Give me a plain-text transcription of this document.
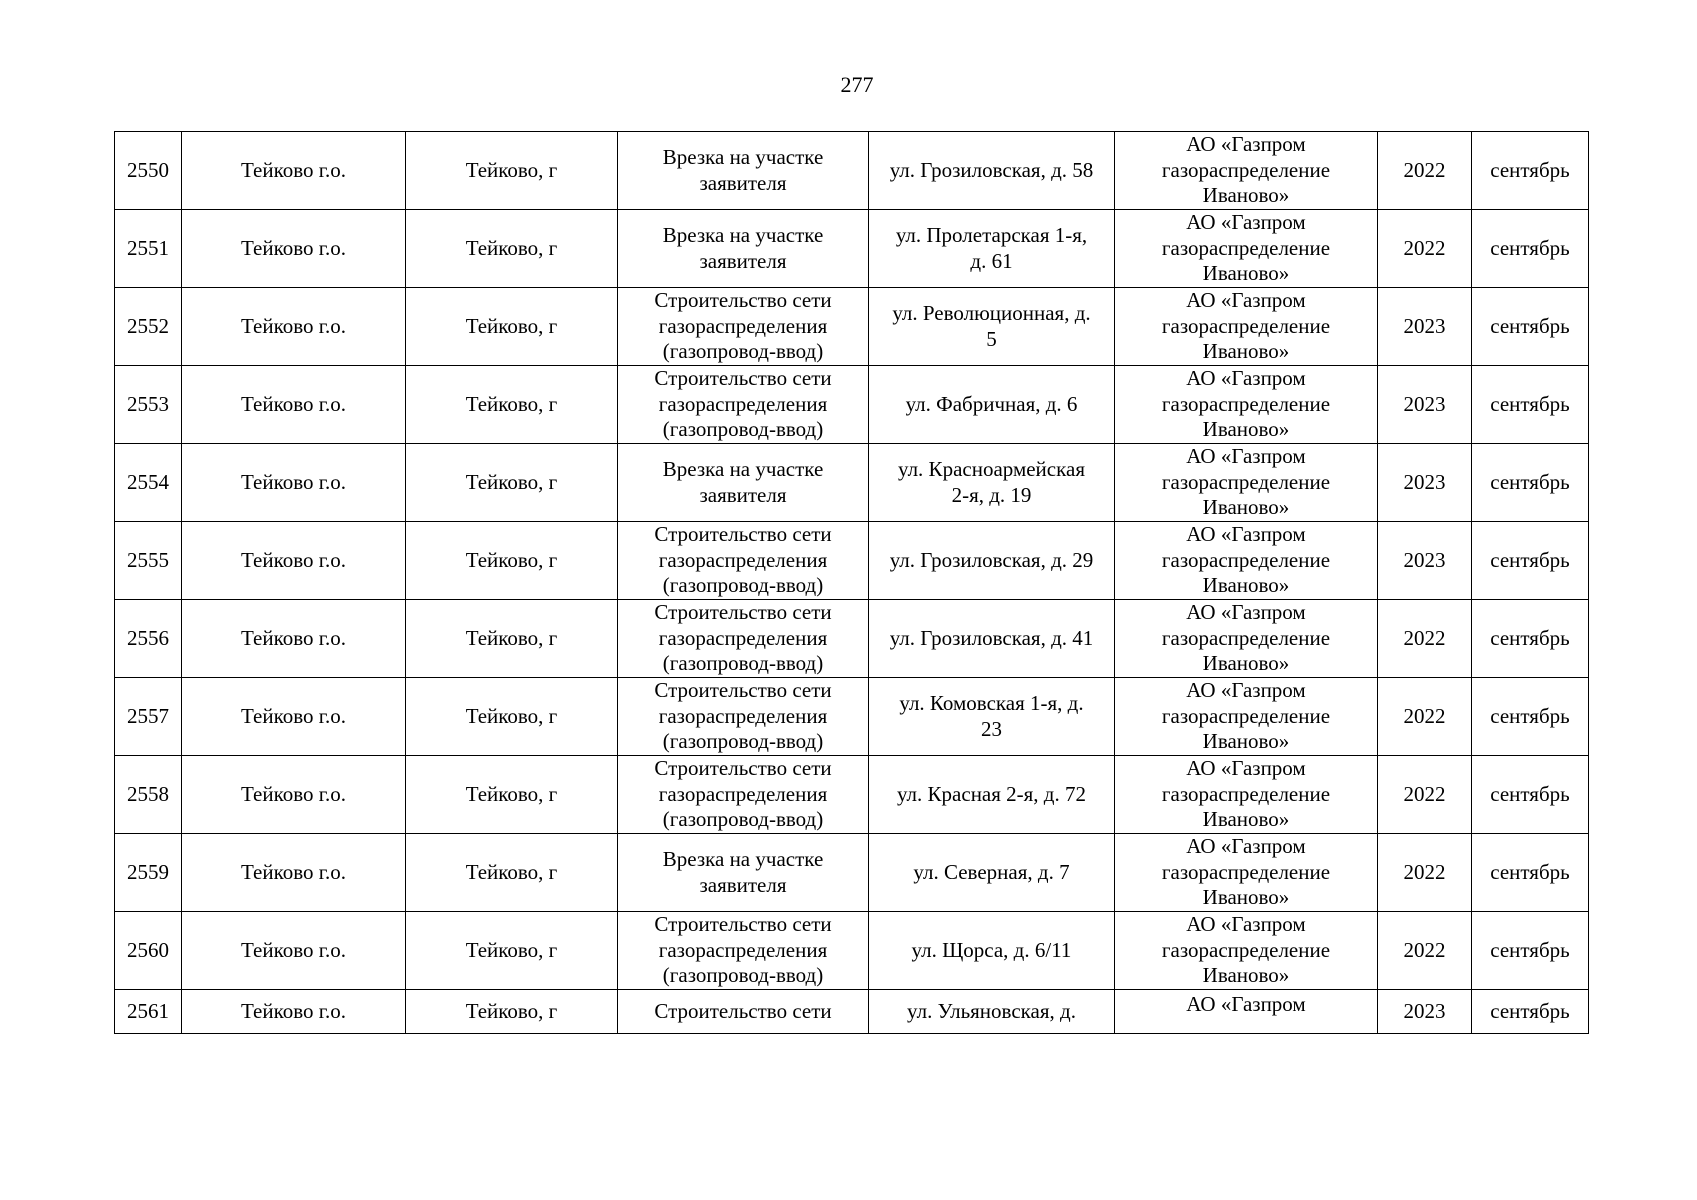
277
2550	Тейково г.о.	Тейково, г	Врезка на участке
заявителя	ул. Грозиловская, д. 58	АО «Газпром
газораспределение
Иваново»	2022	сентябрь
2551	Тейково г.о.	Тейково, г	Врезка на участке
заявителя	ул. Пролетарская 1-я,
д. 61	АО «Газпром
газораспределение
Иваново»	2022	сентябрь
2552	Тейково г.о.	Тейково, г	Строительство сети
газораспределения
(газопровод-ввод)	ул. Революционная, д.
5	АО «Газпром
газораспределение
Иваново»	2023	сентябрь
2553	Тейково г.о.	Тейково, г	Строительство сети
газораспределения
(газопровод-ввод)	ул. Фабричная, д. 6	АО «Газпром
газораспределение
Иваново»	2023	сентябрь
2554	Тейково г.о.	Тейково, г	Врезка на участке
заявителя	ул. Красноармейская
2-я, д. 19	АО «Газпром
газораспределение
Иваново»	2023	сентябрь
2555	Тейково г.о.	Тейково, г	Строительство сети
газораспределения
(газопровод-ввод)	ул. Грозиловская, д. 29	АО «Газпром
газораспределение
Иваново»	2023	сентябрь
2556	Тейково г.о.	Тейково, г	Строительство сети
газораспределения
(газопровод-ввод)	ул. Грозиловская, д. 41	АО «Газпром
газораспределение
Иваново»	2022	сентябрь
2557	Тейково г.о.	Тейково, г	Строительство сети
газораспределения
(газопровод-ввод)	ул. Комовская 1-я, д.
23	АО «Газпром
газораспределение
Иваново»	2022	сентябрь
2558	Тейково г.о.	Тейково, г	Строительство сети
газораспределения
(газопровод-ввод)	ул. Красная 2-я, д. 72	АО «Газпром
газораспределение
Иваново»	2022	сентябрь
2559	Тейково г.о.	Тейково, г	Врезка на участке
заявителя	ул. Северная, д. 7	АО «Газпром
газораспределение
Иваново»	2022	сентябрь
2560	Тейково г.о.	Тейково, г	Строительство сети
газораспределения
(газопровод-ввод)	ул. Щорса, д. 6/11	АО «Газпром
газораспределение
Иваново»	2022	сентябрь
2561	Тейково г.о.	Тейково, г	Строительство сети	ул. Ульяновская, д.	АО «Газпром	2023	сентябрь
